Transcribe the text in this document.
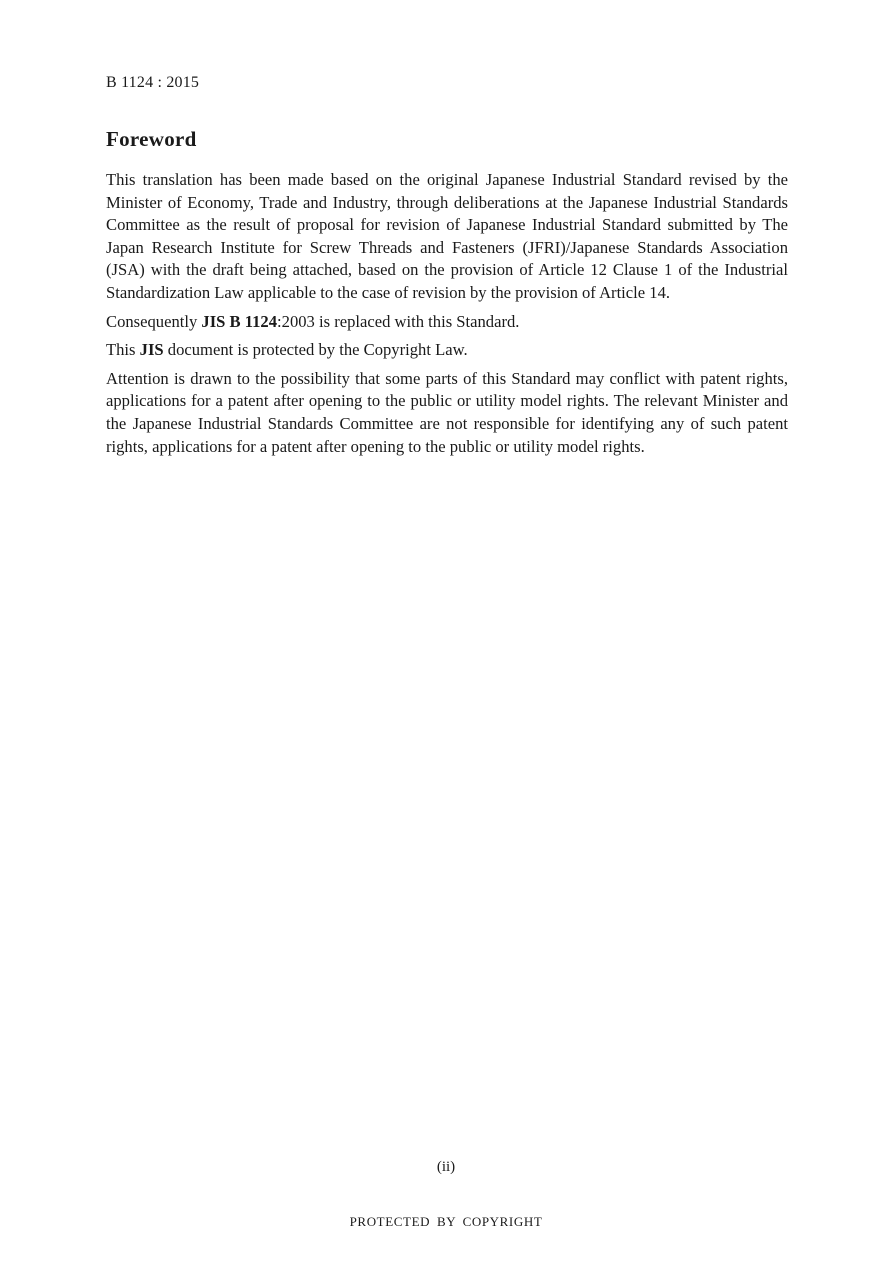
B 1124 : 2015
Foreword

This translation has been made based on the original Japanese Industrial Standard revised by the Minister of Economy, Trade and Industry, through deliberations at the Japanese Industrial Standards Committee as the result of proposal for revision of Japanese Industrial Standard submitted by The Japan Research Institute for Screw Threads and Fasteners (JFRI)/Japanese Standards Association (JSA) with the draft being attached, based on the provision of Article 12 Clause 1 of the Industrial Standardization Law applicable to the case of revision by the provision of Article 14.

Consequently JIS B 1124:2003 is replaced with this Standard.

This JIS document is protected by the Copyright Law.

Attention is drawn to the possibility that some parts of this Standard may conflict with patent rights, applications for a patent after opening to the public or utility model rights. The relevant Minister and the Japanese Industrial Standards Committee are not responsible for identifying any of such patent rights, applications for a patent after opening to the public or utility model rights.

(ii)
PROTECTED BY COPYRIGHT
